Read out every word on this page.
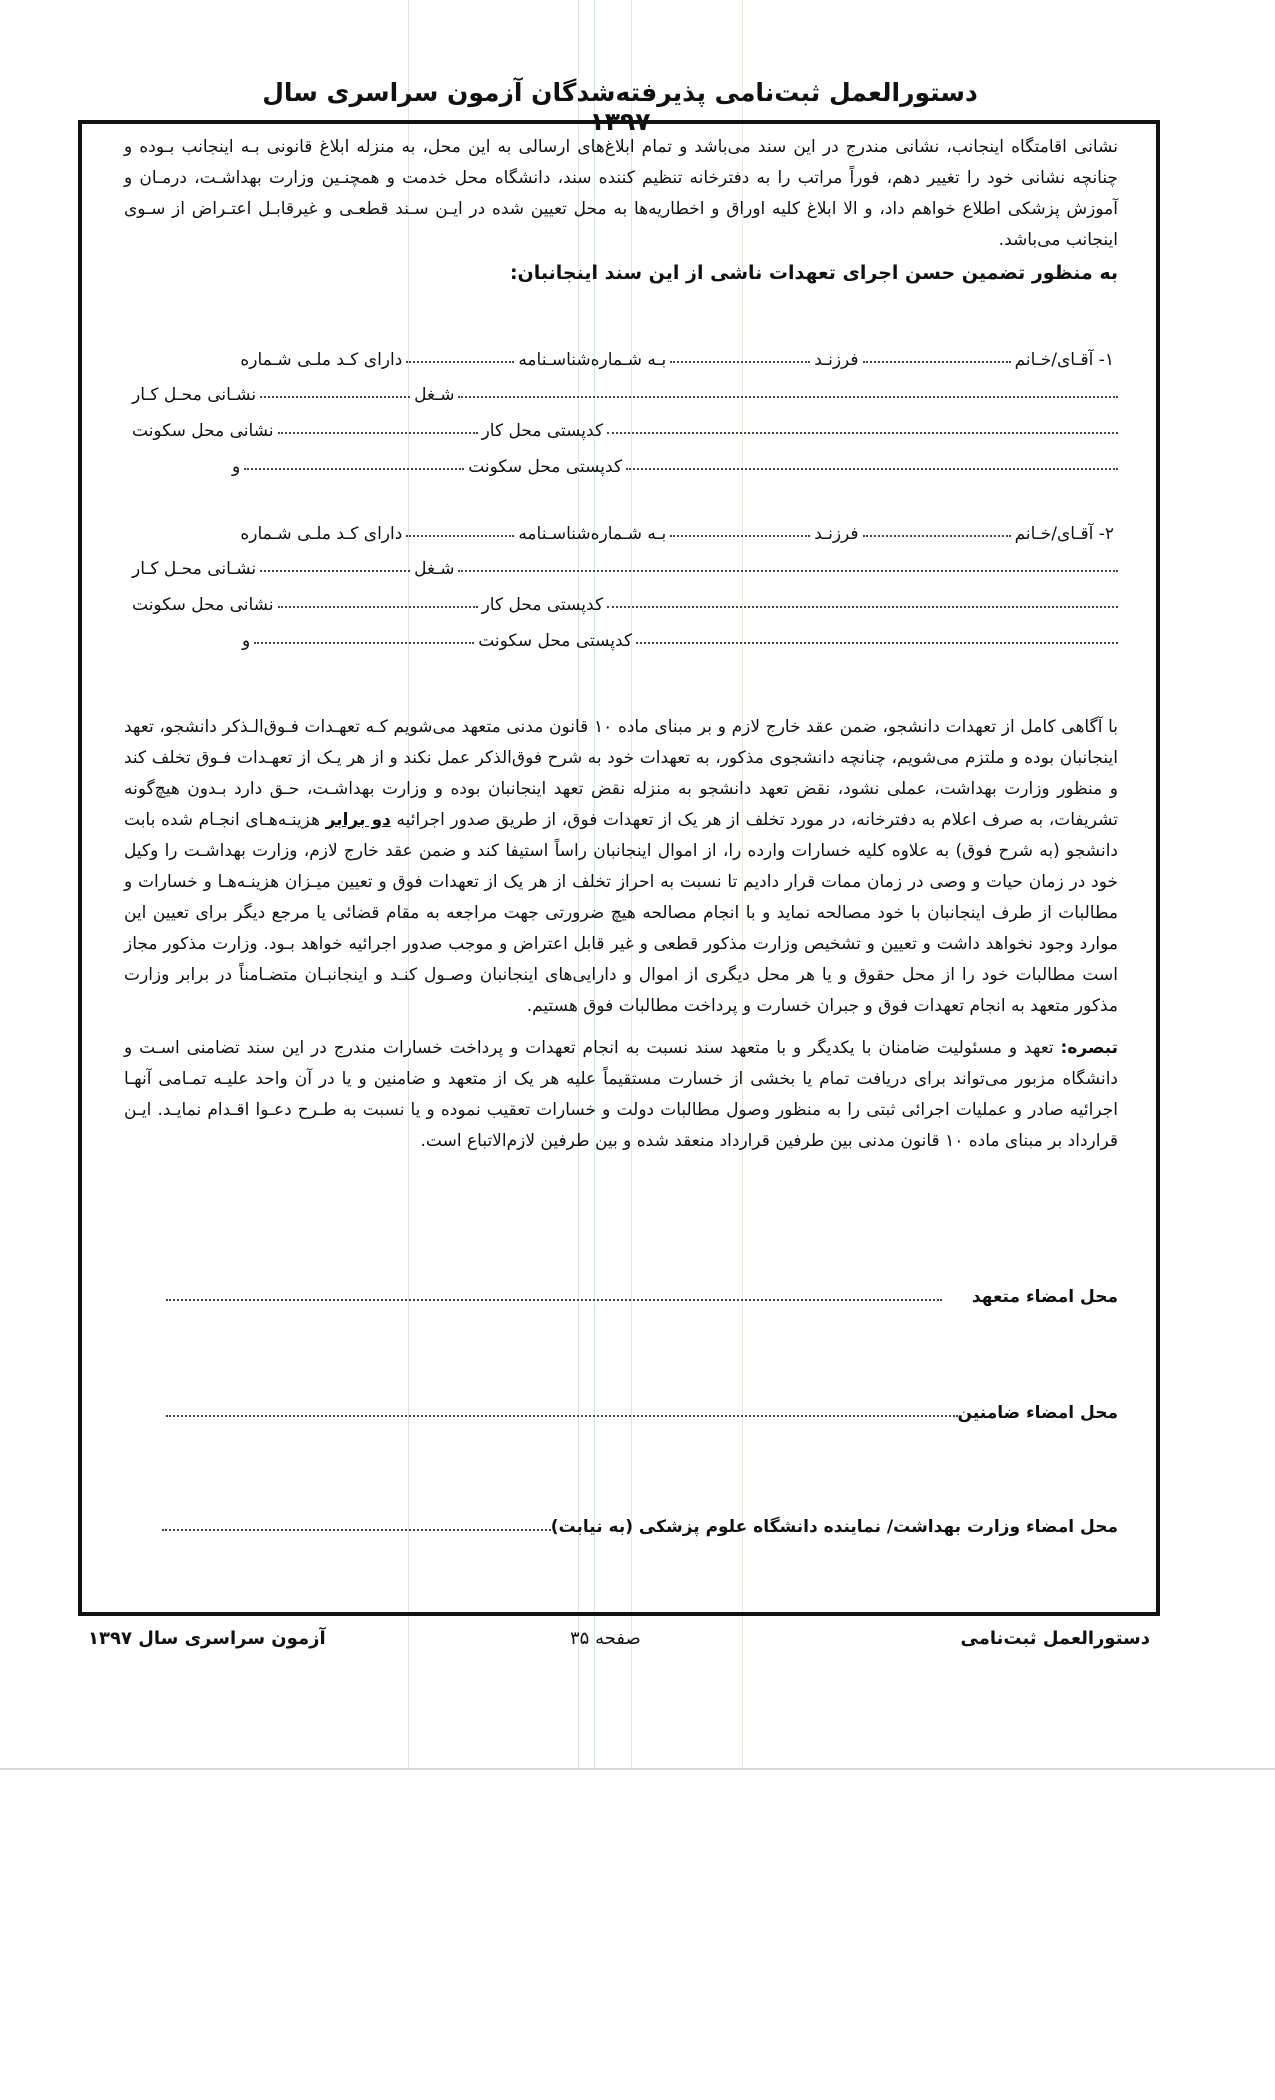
دستورالعمل ثبت‌نامی پذیرفته‌شدگان آزمون سراسری سال ۱۳۹۷
نشانی اقامتگاه اینجانب، نشانی مندرج در این سند می‌باشد و تمام ابلاغ‌های ارسالی به این محل، به منزله ابلاغ قانونی بـه اینجانب بـوده و چنانچه نشانی خود را تغییر دهم، فوراً مراتب را به دفترخانه تنظیم کننده سند، دانشگاه محل خدمت و همچنـین وزارت بهداشـت، درمـان و آموزش پزشکی اطلاع خواهم داد، و الا ابلاغ کلیه اوراق و اخطاریه‌ها به محل تعیین شده در ایـن سـند قطعـی و غیرقابـل اعتـراض از سـوی اینجانب می‌باشد.
به منظور تضمین حسن اجرای تعهدات ناشی از این سند اینجانبان:
۱- آقـای/خـانم
فرزنـد
بـه شـماره‌شناسـنامه
دارای کـد ملـی شـماره
شـغل
نشـانی محـل کـار
کدپستی محل کار
نشانی محل سکونت
کدپستی محل سکونت
و
۲- آقـای/خـانم
فرزنـد
بـه شـماره‌شناسـنامه
دارای کـد ملـی شـماره
شـغل
نشـانی محـل کـار
کدپستی محل کار
نشانی محل سکونت
کدپستی محل سکونت
و
با آگاهی کامل از تعهدات دانشجو، ضمن عقد خارج لازم و بر مبنای ماده ۱۰ قانون مدنی متعهد می‌شویم کـه تعهـدات فـوق‌الـذکر دانشجو، تعهد اینجانبان بوده و ملتزم می‌شویم، چنانچه دانشجوی مذکور، به تعهدات خود به شرح فوق‌الذکر عمل نکند و از هر یـک از تعهـدات فـوق تخلف کند و منظور وزارت بهداشت، عملی نشود، نقض تعهد دانشجو به منزله نقض تعهد اینجانبان بوده و وزارت بهداشـت، حـق دارد بـدون هیچ‌گونه تشریفات، به صرف اعلام به دفترخانه، در مورد تخلف از هر یک از تعهدات فوق، از طریق صدور اجرائیه دو برابر هزینـه‌هـای انجـام شده بابت دانشجو (به شرح فوق) به علاوه کلیه خسارات وارده را، از اموال اینجانبان راساً استیفا کند و ضمن عقد خارج لازم، وزارت بهداشـت را وکیل خود در زمان حیات و وصی در زمان ممات قرار دادیم تا نسبت به احراز تخلف از هر یک از تعهدات فوق و تعیین میـزان هزینـه‌هـا و خسارات و مطالبات از طرف اینجانبان با خود مصالحه نماید و با انجام مصالحه هیچ ضرورتی جهت مراجعه به مقام قضائی یا مرجع دیگر برای تعیین این موارد وجود نخواهد داشت و تعیین و تشخیص وزارت مذکور قطعی و غیر قابل اعتراض و موجب صدور اجرائیه خواهد بـود. وزارت مذکور مجاز است مطالبات خود را از محل حقوق و یا هر محل دیگری از اموال و دارایی‌های اینجانبان وصـول کنـد و اینجانبـان متضـامناً در برابر وزارت مذکور متعهد به انجام تعهدات فوق و جبران خسارت و پرداخت مطالبات فوق هستیم.
تبصره: تعهد و مسئولیت ضامنان با یکدیگر و با متعهد سند نسبت به انجام تعهدات و پرداخت خسارات مندرج در این سند تضامنی اسـت و دانشگاه مزبور می‌تواند برای دریافت تمام یا بخشی از خسارت مستقیماً علیه هر یک از متعهد و ضامنین و یا در آن واحد علیـه تمـامی آنهـا اجرائیه صادر و عملیات اجرائی ثبتی را به منظور وصول مطالبات دولت و خسارات تعقیب نموده و یا نسبت به طـرح دعـوا اقـدام نمایـد. ایـن قرارداد بر مبنای ماده ۱۰ قانون مدنی بین طرفین قرارداد منعقد شده و بین طرفین لازم‌الاتباع است.
محل امضاء متعهد
محل امضاء ضامنین
محل امضاء وزارت بهداشت/ نماینده دانشگاه علوم پزشکی (به نیابت)
دستورالعمل ثبت‌نامی
صفحه ۳۵
آزمون سراسری سال ۱۳۹۷
